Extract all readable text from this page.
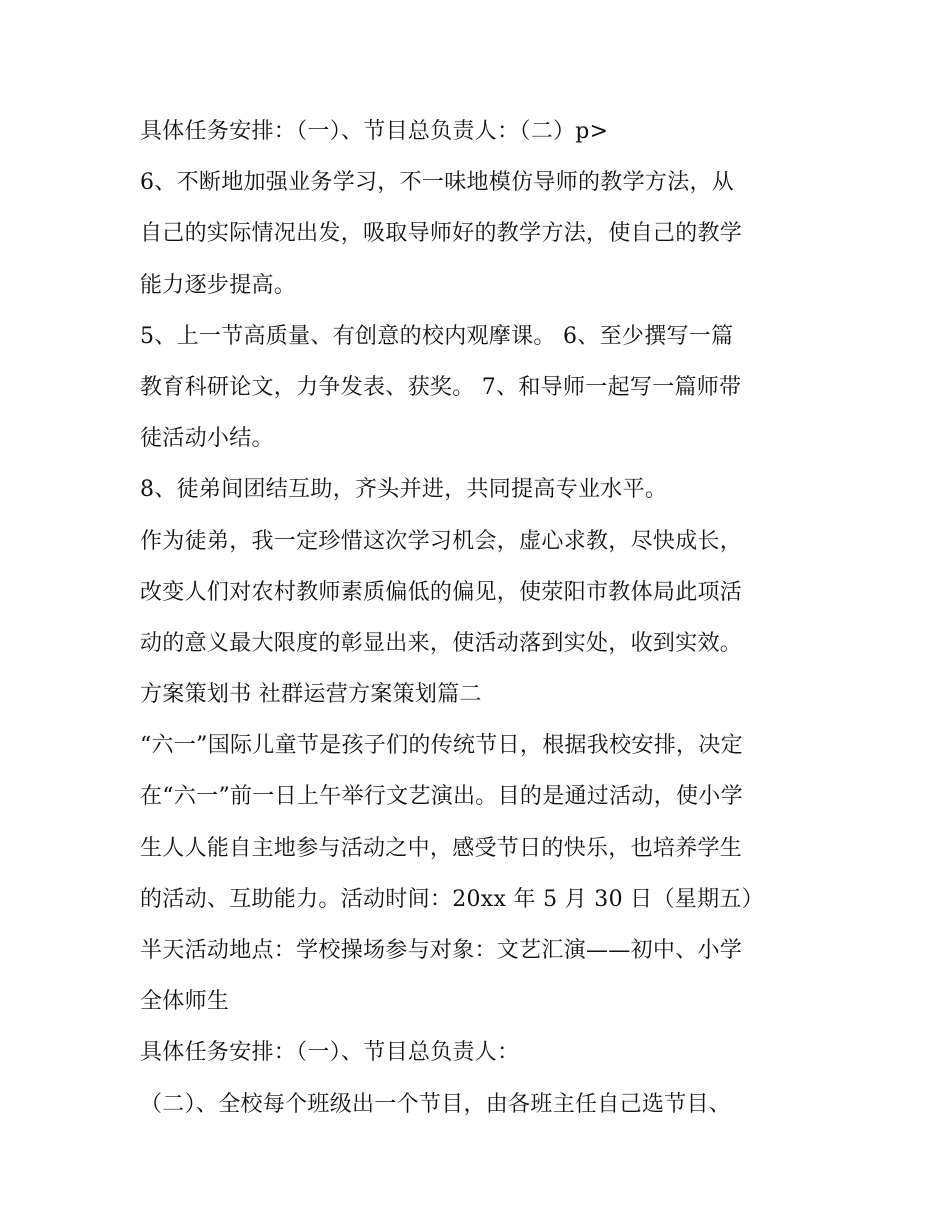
具体任务安排：（一）、节目总负责人：（二）p>
6、不断地加强业务学习，不一味地模仿导师的教学方法，从
自己的实际情况出发，吸取导师好的教学方法，使自己的教学
能力逐步提高。
5、上一节高质量、有创意的校内观摩课。 6、至少撰写一篇
教育科研论文，力争发表、获奖。 7、和导师一起写一篇师带
徒活动小结。
8、徒弟间团结互助，齐头并进，共同提高专业水平。
作为徒弟，我一定珍惜这次学习机会，虚心求教，尽快成长，
改变人们对农村教师素质偏低的偏见，使荥阳市教体局此项活
动的意义最大限度的彰显出来，使活动落到实处，收到实效。
方案策划书 社群运营方案策划篇二
“六一”国际儿童节是孩子们的传统节日，根据我校安排，决定
在“六一”前一日上午举行文艺演出。目的是通过活动，使小学
生人人能自主地参与活动之中，感受节日的快乐，也培养学生
的活动、互助能力。活动时间：20xx 年 5 月 30 日（星期五）
半天活动地点：学校操场参与对象：文艺汇演——初中、小学
全体师生
具体任务安排：（一）、节目总负责人：
（二）、全校每个班级出一个节目，由各班主任自己选节目、
